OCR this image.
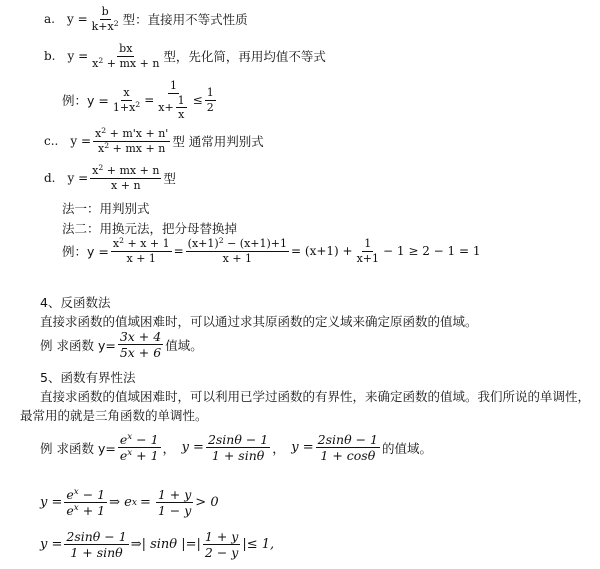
a. $y = \frac{b}{k+x^2}$ 型：直接用不等式性质
b. $y = \frac{bx}{x^2 + mx + n}$ 型，先化简，再用均值不等式
例：$y = \frac{x}{1+x^2} = \frac{1}{x+ \frac{1}{x}} \le \frac{1}{2}$
c.. $y = \frac{x^2 + m'x + n'}{x^2 + mx + n}$ 型 通常用判别式
d. $y = \frac{x^2 + mx + n}{x + n}$ 型
法一：用判别式
法二：用换元法，把分母替换掉
例：$y = \frac{x^2 + x + 1}{x + 1} = \frac{(x+1)^2 - (x+1)+1}{x + 1} = (x+1) + \frac{1}{x+1} - 1 \ge 2 - 1 = 1$
4、反函数法
直接求函数的值域困难时，可以通过求其原函数的定义域来确定原函数的值域。
例 求函数 $y= \frac{3x + 4}{5x + 6}$ 值域。
5、函数有界性法
直接求函数的值域困难时，可以利用已学过函数的有界性，来确定函数的值域。我们所说的单调性，
最常用的就是三角函数的单调性。
例 求函数 $y= \frac{e^x - 1}{e^x + 1}$ ， $y = \frac{2\sin\theta - 1}{1 + \sin\theta}$ ， $y = \frac{2\sin\theta - 1}{1 + \cos\theta}$ 的值域。
$y = \frac{e^x - 1}{e^x + 1}$ ⇒ e $x = \frac{1 + y}{1 - y} > 0$
$y = \frac{2\sin\theta - 1}{1 + \sin\theta}$ ⇒| sinθ |=| $\frac{1 + y}{2 - y}$ |≤ 1,
